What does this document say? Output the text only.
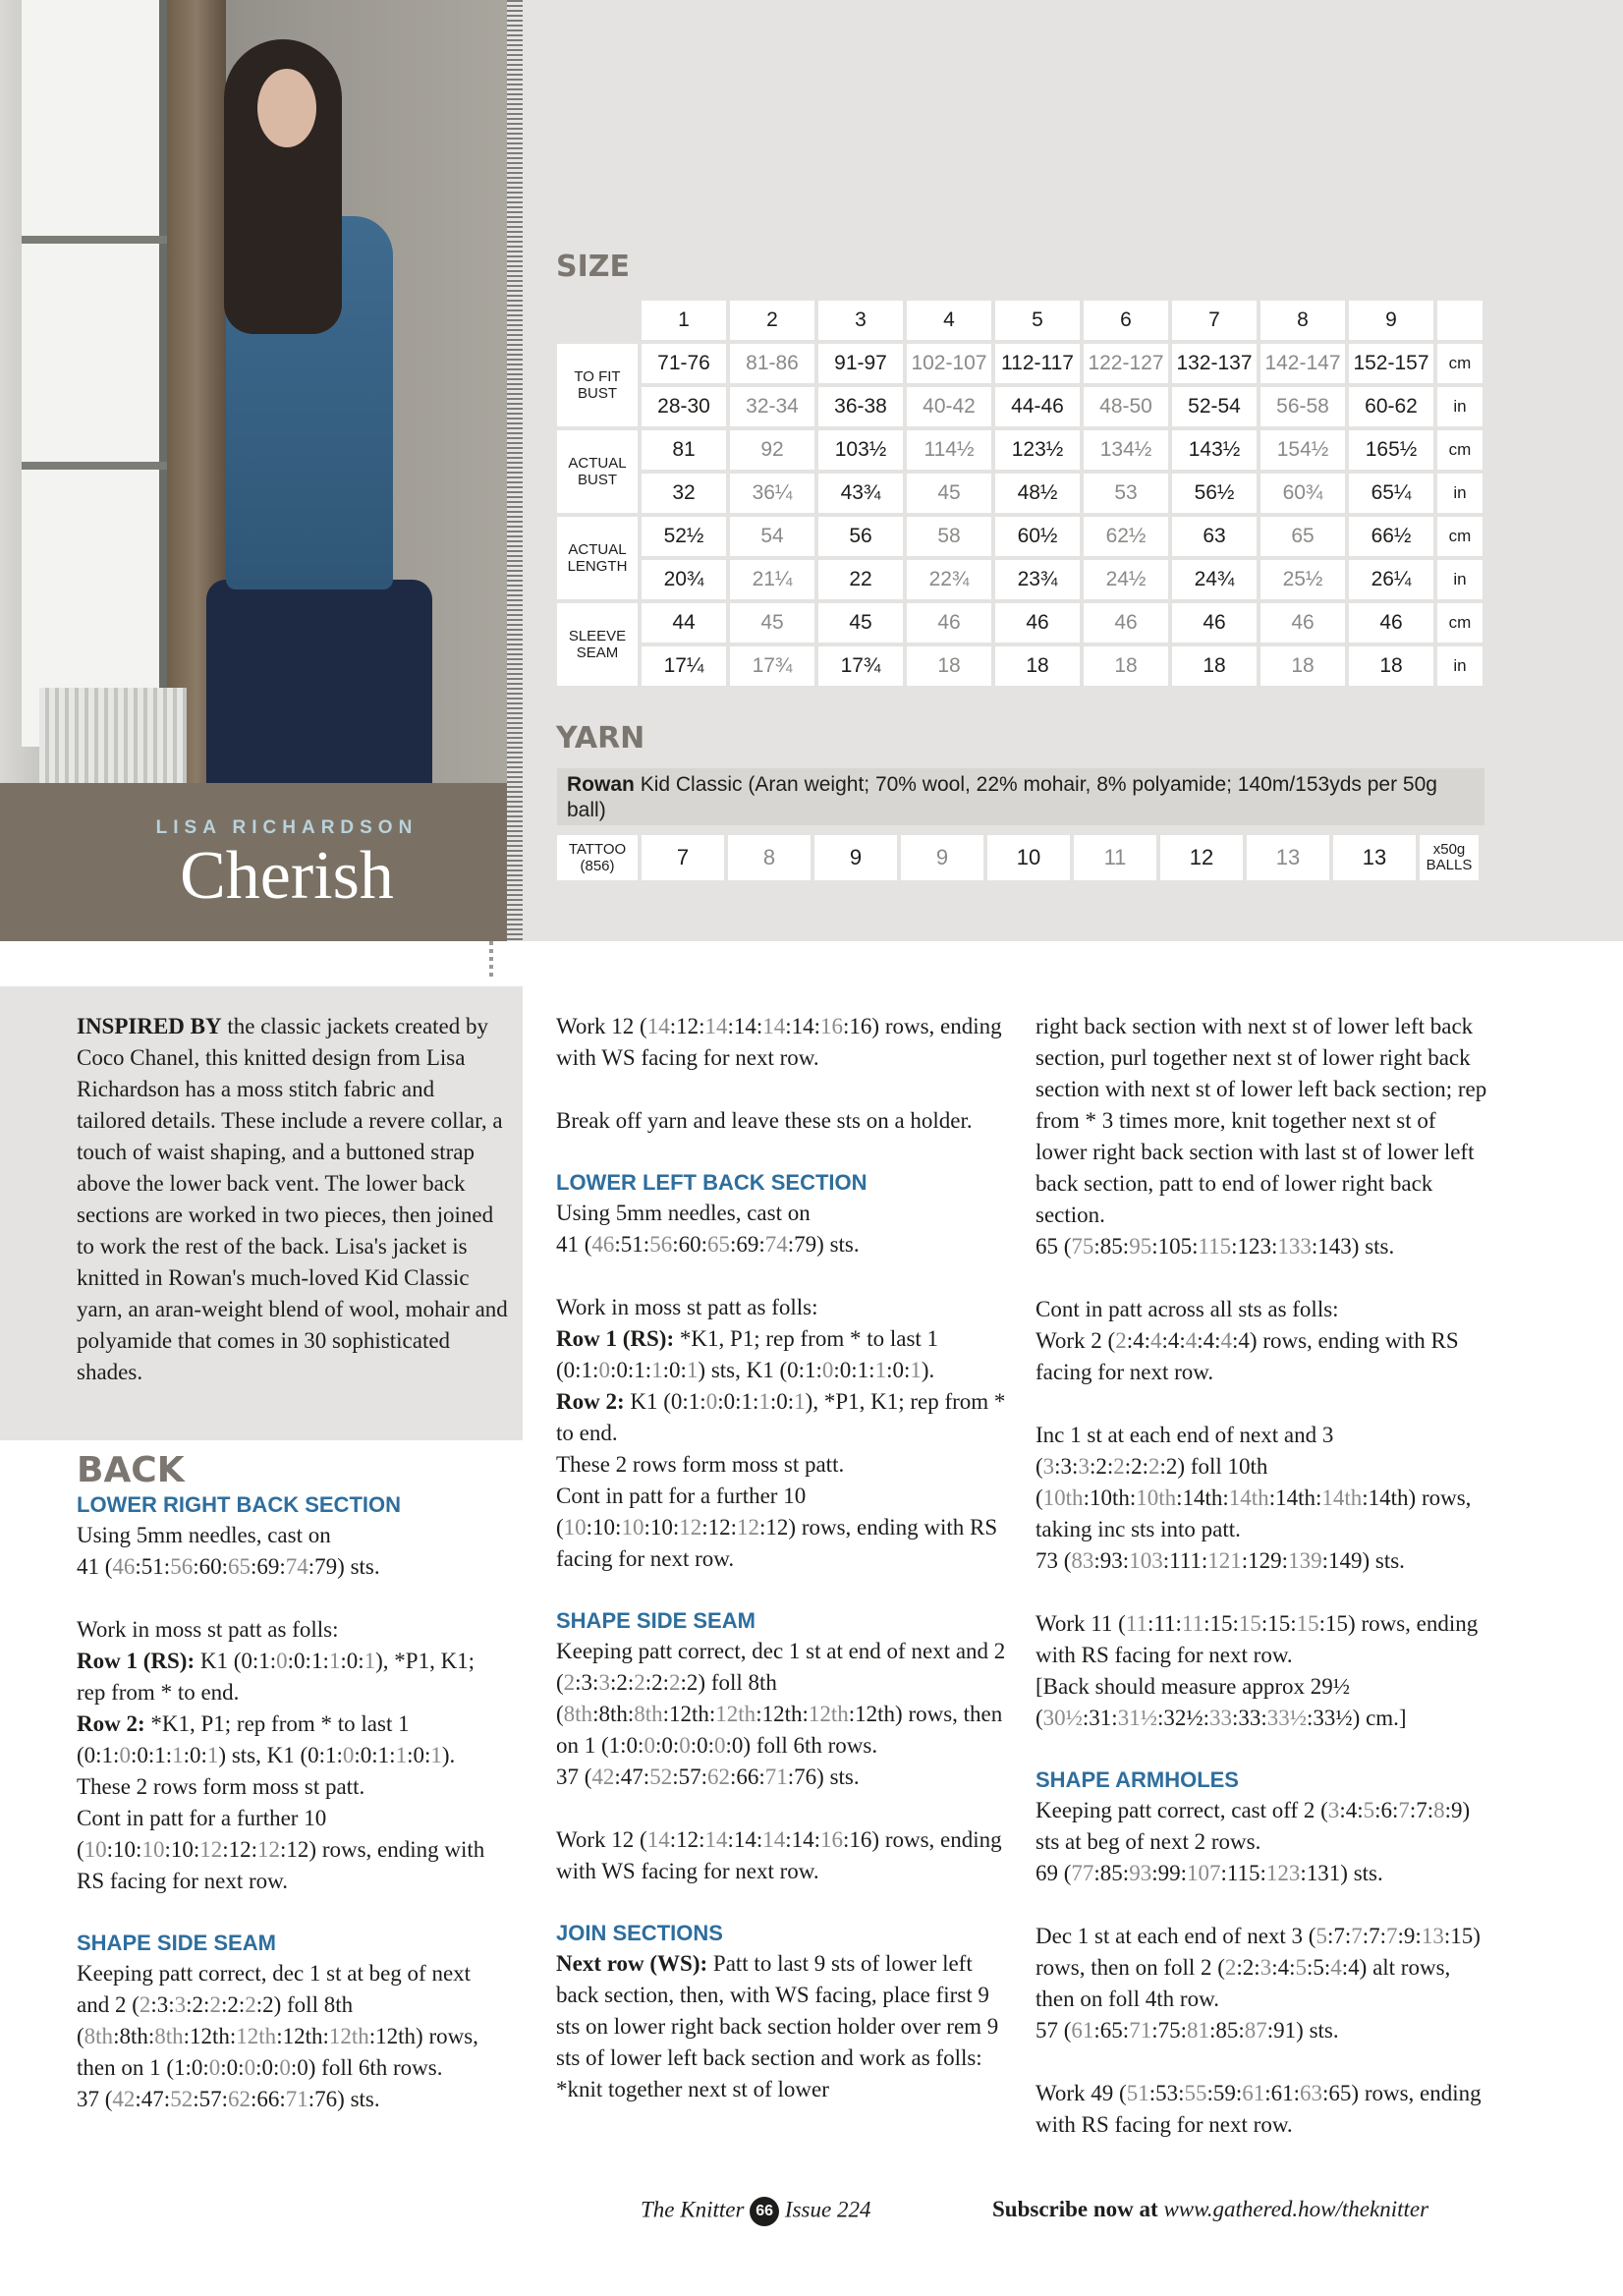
LISA RICHARDSON
Cherish
SIZE
	1	2	3	4	5	6	7	8	9	
TO FIT BUST	71-76	81-86	91-97	102-107	112-117	122-127	132-137	142-147	152-157	cm
	28-30	32-34	36-38	40-42	44-46	48-50	52-54	56-58	60-62	in
ACTUAL BUST	81	92	103½	114½	123½	134½	143½	154½	165½	cm
	32	36¼	43¾	45	48½	53	56½	60¾	65¼	in
ACTUAL LENGTH	52½	54	56	58	60½	62½	63	65	66½	cm
	20¾	21¼	22	22¾	23¾	24½	24¾	25½	26¼	in
SLEEVE SEAM	44	45	45	46	46	46	46	46	46	cm
	17¼	17¾	17¾	18	18	18	18	18	18	in
YARN
Rowan Kid Classic (Aran weight; 70% wool, 22% mohair, 8% polyamide; 140m/153yds per 50g ball)
TATTOO (856)	7	8	9	9	10	11	12	13	13	x50g BALLS

INSPIRED BY the classic jackets created by Coco Chanel, this knitted design from Lisa Richardson has a moss stitch fabric and tailored details. These include a revere collar, a touch of waist shaping, and a buttoned strap above the lower back vent. The lower back sections are worked in two pieces, then joined to work the rest of the back. Lisa's jacket is knitted in Rowan's much-loved Kid Classic yarn, an aran-weight blend of wool, mohair and polyamide that comes in 30 sophisticated shades.

BACK
LOWER RIGHT BACK SECTION

Using 5mm needles, cast on
41 (46:51:56:60:65:69:74:79) sts.

Work in moss st patt as folls:

Row 1 (RS): K1 (0:1:0:0:1:1:0:1), *P1, K1; rep from * to end.

Row 2: *K1, P1; rep from * to last 1 (0:1:0:0:1:1:0:1) sts, K1 (0:1:0:0:1:1:0:1).

These 2 rows form moss st patt.

Cont in patt for a further 10 (10:10:10:10:12:12:12:12) rows, ending with RS facing for next row.

SHAPE SIDE SEAM

Keeping patt correct, dec 1 st at beg of next and 2 (2:3:3:2:2:2:2:2) foll 8th (8th:8th:8th:12th:12th:12th:12th:12th) rows, then on 1 (1:0:0:0:0:0:0:0) foll 6th rows.
37 (42:47:52:57:62:66:71:76) sts.

Work 12 (14:12:14:14:14:14:16:16) rows, ending with WS facing for next row.

Break off yarn and leave these sts on a holder.

LOWER LEFT BACK SECTION

Using 5mm needles, cast on
41 (46:51:56:60:65:69:74:79) sts.

Work in moss st patt as folls:

Row 1 (RS): *K1, P1; rep from * to last 1 (0:1:0:0:1:1:0:1) sts, K1 (0:1:0:0:1:1:0:1).

Row 2: K1 (0:1:0:0:1:1:0:1), *P1, K1; rep from * to end.

These 2 rows form moss st patt.

Cont in patt for a further 10 (10:10:10:10:12:12:12:12) rows, ending with RS facing for next row.

SHAPE SIDE SEAM

Keeping patt correct, dec 1 st at end of next and 2 (2:3:3:2:2:2:2:2) foll 8th (8th:8th:8th:12th:12th:12th:12th:12th) rows, then on 1 (1:0:0:0:0:0:0:0) foll 6th rows.
37 (42:47:52:57:62:66:71:76) sts.

Work 12 (14:12:14:14:14:14:16:16) rows, ending with WS facing for next row.

JOIN SECTIONS

Next row (WS): Patt to last 9 sts of lower left back section, then, with WS facing, place first 9 sts on lower right back section holder over rem 9 sts of lower left back section and work as folls: *knit together next st of lower

right back section with next st of lower left back section, purl together next st of lower right back section with next st of lower left back section; rep from * 3 times more, knit together next st of lower right back section with last st of lower left back section, patt to end of lower right back section.
65 (75:85:95:105:115:123:133:143) sts.

Cont in patt across all sts as folls:

Work 2 (2:4:4:4:4:4:4:4) rows, ending with RS facing for next row.

Inc 1 st at each end of next and 3 (3:3:3:2:2:2:2:2) foll 10th (10th:10th:10th:14th:14th:14th:14th:14th) rows, taking inc sts into patt.
73 (83:93:103:111:121:129:139:149) sts.

Work 11 (11:11:11:15:15:15:15:15) rows, ending with RS facing for next row.
[Back should measure approx 29½ (30½:31:31½:32½:33:33:33½:33½) cm.]

SHAPE ARMHOLES

Keeping patt correct, cast off 2 (3:4:5:6:7:7:8:9) sts at beg of next 2 rows.
69 (77:85:93:99:107:115:123:131) sts.

Dec 1 st at each end of next 3 (5:7:7:7:7:9:13:15) rows, then on foll 2 (2:2:3:4:5:5:4:4) alt rows, then on foll 4th row.
57 (61:65:71:75:81:85:87:91) sts.

Work 49 (51:53:55:59:61:61:63:65) rows, ending with RS facing for next row.

The Knitter 66 Issue 224	Subscribe now at www.gathered.how/theknitter
